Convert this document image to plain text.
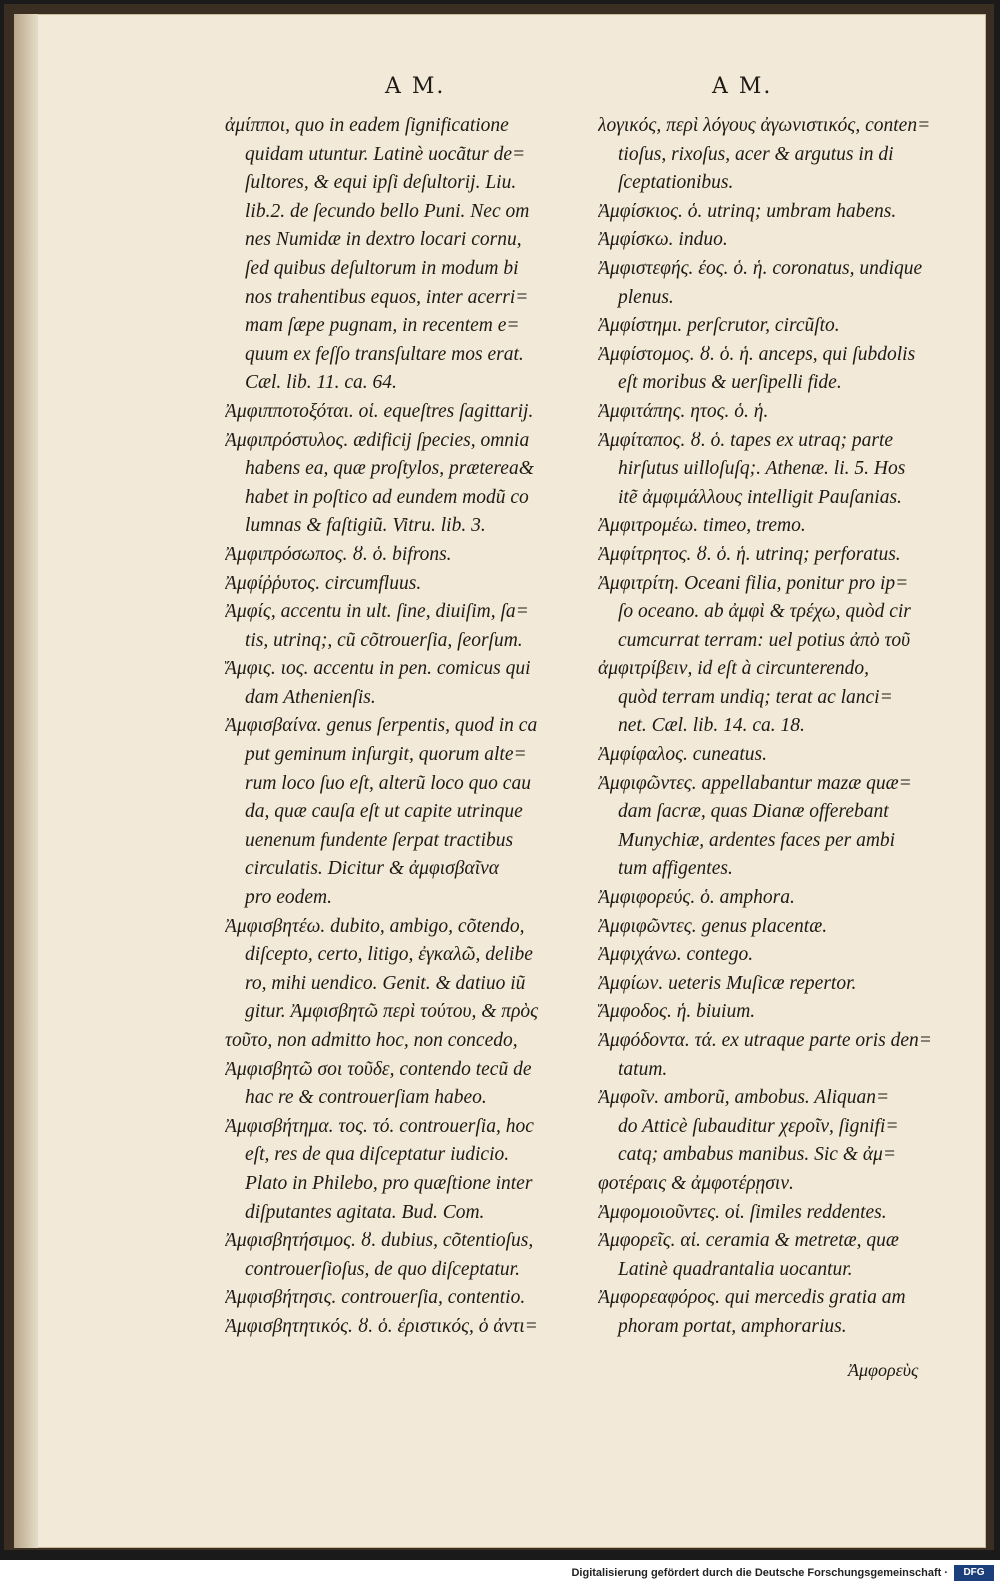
A M.	A M.
ἀμίπποι, quo in eadem ſignificatione
quidam utuntur. Latinè uocãtur de=
ſultores, & equi ipſi deſultorij. Liu.
lib.2. de ſecundo bello Puni. Nec om
nes Numidæ in dextro locari cornu,
ſed quibus deſultorum in modum bi
nos trahentibus equos, inter acerri=
mam ſæpe pugnam, in recentem e=
quum ex feſſo transſultare mos erat.
Cæl. lib. 11. ca. 64.
Ἀμφιπποτοξόται. οἱ. equeſtres ſagittarij.
Ἀμφιπρόστυλος. ædificij ſpecies, omnia
habens ea, quæ proſtylos, præterea&
habet in poſtico ad eundem modũ co
lumnas & faſtigiũ. Vitru. lib. 3.
Ἀμφιπρόσωπος. ȣ. ὁ. bifrons.
Ἀμφίῤῥυτος. circumfluus.
Ἀμφίς, accentu in ult. ſine, diuiſim, ſa=
tis, utrinq;, cũ cõtrouerſia, ſeorſum.
Ἄμφις. ιος. accentu in pen. comicus qui
dam Athenienſis.
Ἀμφισβαίνα. genus ſerpentis, quod in ca
put geminum inſurgit, quorum alte=
rum loco ſuo eſt, alterũ loco quo cau
da, quæ cauſa eſt ut capite utrinque
uenenum fundente ſerpat tractibus
circulatis. Dicitur & ἀμφισβαῖνα
pro eodem.
Ἀμφισβητέω. dubito, ambigo, cõtendo,
diſcepto, certo, litigo, ἐγκαλῶ, delibe
ro, mihi uendico. Genit. & datiuo iũ
gitur. Ἀμφισβητῶ περὶ τούτου, & πρὸς
τοῦτο, non admitto hoc, non concedo,
Ἀμφισβητῶ σοι τοῦδε, contendo tecũ de
hac re & controuerſiam habeo.
Ἀμφισβήτημα. τος. τό. controuerſia, hoc
eſt, res de qua diſceptatur iudicio.
Plato in Philebo, pro quæſtione inter
diſputantes agitata. Bud. Com.
Ἀμφισβητήσιμος. ȣ. dubius, cõtentioſus,
controuerſioſus, de quo diſceptatur.
Ἀμφισβήτησις. controuerſia, contentio.
Ἀμφισβητητικός. ȣ. ὁ. ἐριστικός, ὁ ἀντι=
λογικός, περὶ λόγους ἀγωνιστικός, conten=
tioſus, rixoſus, acer & argutus in di
ſceptationibus.
Ἀμφίσκιος. ὁ. utrinq; umbram habens.
Ἀμφίσκω. induo.
Ἀμφιστεφής. έος. ὁ. ἡ. coronatus, undique
plenus.
Ἀμφίστημι. perſcrutor, circũſto.
Ἀμφίστομος. ȣ. ὁ. ἡ. anceps, qui ſubdolis
eſt moribus & uerſipelli fide.
Ἀμφιτάπης. ητος. ὁ. ἡ.
Ἀμφίταπος. ȣ. ὁ. tapes ex utraq; parte
hirſutus uilloſuſq;. Athenæ. li. 5. Hos
itẽ ἀμφιμάλλους intelligit Pauſanias.
Ἀμφιτρομέω. timeo, tremo.
Ἀμφίτρητος. ȣ. ὁ. ἡ. utrinq; perforatus.
Ἀμφιτρίτη. Oceani filia, ponitur pro ip=
ſo oceano. ab ἀμφὶ & τρέχω, quòd cir
cumcurrat terram: uel potius ἀπὸ τοῦ
ἀμφιτρίβειν, id eſt à circunterendo,
quòd terram undiq; terat ac lanci=
net. Cæl. lib. 14. ca. 18.
Ἀμφίφαλος. cuneatus.
Ἀμφιφῶντες. appellabantur mazæ quæ=
dam ſacræ, quas Dianæ offerebant
Munychiæ, ardentes faces per ambi
tum affigentes.
Ἀμφιφορεύς. ὁ. amphora.
Ἀμφιφῶντες. genus placentæ.
Ἀμφιχάνω. contego.
Ἀμφίων. ueteris Muſicæ repertor.
Ἄμφοδος. ἡ. biuium.
Ἀμφόδοντα. τά. ex utraque parte oris den=
tatum.
Ἀμφοῖν. amborũ, ambobus. Aliquan=
do Atticè ſubauditur χεροῖν, ſignifi=
catq; ambabus manibus. Sic & ἀμ=
φοτέραις & ἀμφοτέρῃσιν.
Ἀμφομοιοῦντες. οἱ. ſimiles reddentes.
Ἀμφορεῖς. αἱ. ceramia & metretæ, quæ
Latinè quadrantalia uocantur.
Ἀμφορεαφόρος. qui mercedis gratia am
phoram portat, amphorarius.
Ἀμφορεὺς
Digitalisierung gefördert durch die Deutsche Forschungsgemeinschaft ·	DFG
